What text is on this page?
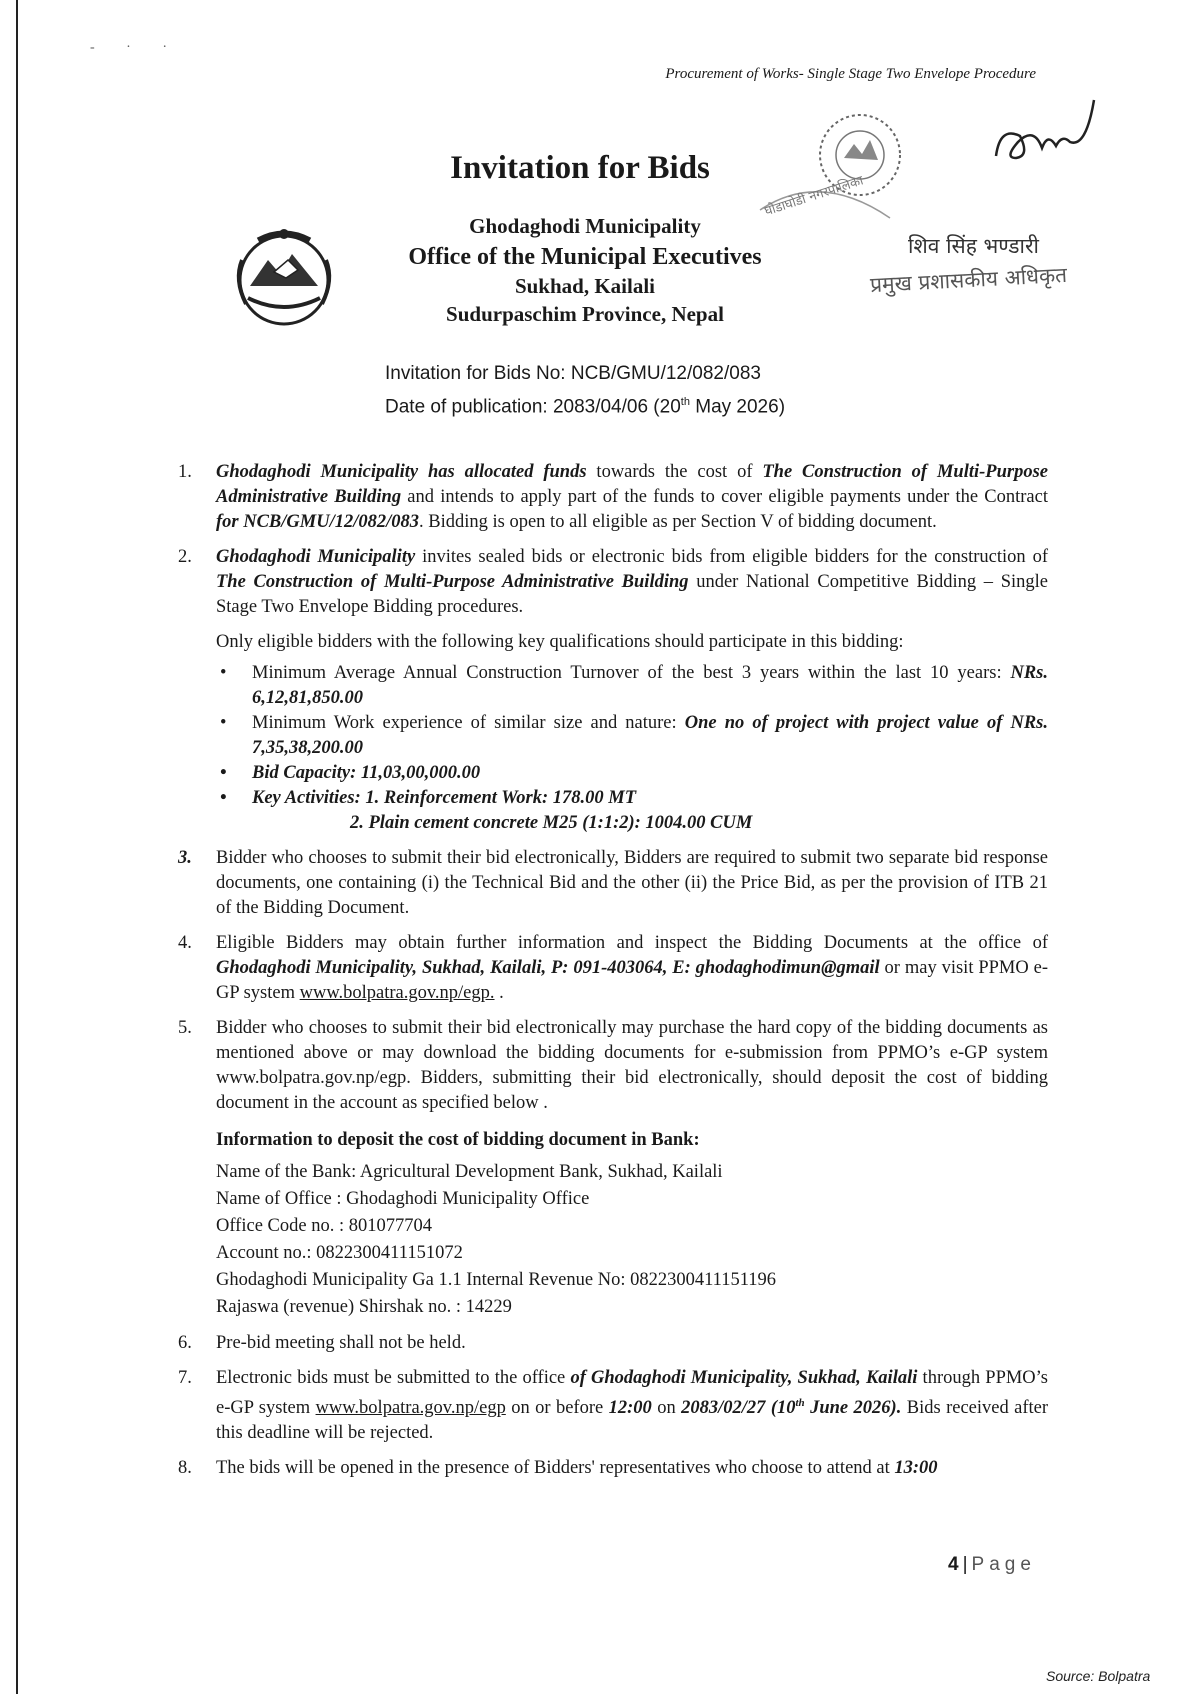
- · ·
Procurement of Works- Single Stage Two Envelope Procedure
Invitation for Bids
Ghodaghodi Municipality
Office of the Municipal Executives
Sukhad, Kailali
Sudurpaschim Province, Nepal
घोडाघोडी नगरपालिका
शिव सिंह भण्डारी
प्रमुख प्रशासकीय अधिकृत
Invitation for Bids No: NCB/GMU/12/082/083
Date of publication: 2083/04/06 (20th May 2026)
1.	Ghodaghodi Municipality has allocated funds towards the cost of The Construction of Multi-Purpose Administrative Building and intends to apply part of the funds to cover eligible payments under the Contract for NCB/GMU/12/082/083. Bidding is open to all eligible as per Section V of bidding document.

2.	Ghodaghodi Municipality invites sealed bids or electronic bids from eligible bidders for the construction of The Construction of Multi-Purpose Administrative Building under National Competitive Bidding – Single Stage Two Envelope Bidding procedures.

Only eligible bidders with the following key qualifications should participate in this bidding:

• Minimum Average Annual Construction Turnover of the best 3 years within the last 10 years: NRs. 6,12,81,850.00
• Minimum Work experience of similar size and nature: One no of project with project value of NRs. 7,35,38,200.00
• Bid Capacity: 11,03,00,000.00
• Key Activities: 1. Reinforcement Work: 178.00 MT
2. Plain cement concrete M25 (1:1:2): 1004.00 CUM
3.	Bidder who chooses to submit their bid electronically, Bidders are required to submit two separate bid response documents, one containing (i) the Technical Bid and the other (ii) the Price Bid, as per the provision of ITB 21 of the Bidding Document.

4.	Eligible Bidders may obtain further information and inspect the Bidding Documents at the office of Ghodaghodi Municipality, Sukhad, Kailali, P: 091-403064, E: ghodaghodimun@gmail or may visit PPMO e-GP system www.bolpatra.gov.np/egp. .

5.	Bidder who chooses to submit their bid electronically may purchase the hard copy of the bidding documents as mentioned above or may download the bidding documents for e-submission from PPMO’s e-GP system www.bolpatra.gov.np/egp. Bidders, submitting their bid electronically, should deposit the cost of bidding document in the account as specified below .

Information to deposit the cost of bidding document in Bank:

Name of the Bank: Agricultural Development Bank, Sukhad, Kailali

Name of Office : Ghodaghodi Municipality Office

Office Code no. : 801077704

Account no.: 0822300411151072

Ghodaghodi Municipality Ga 1.1 Internal Revenue No: 0822300411151196

Rajaswa (revenue) Shirshak no. : 14229

6.	Pre-bid meeting shall not be held.

7.	Electronic bids must be submitted to the office of Ghodaghodi Municipality, Sukhad, Kailali through PPMO’s e-GP system www.bolpatra.gov.np/egp on or before 12:00 on 2083/02/27 (10th June 2026). Bids received after this deadline will be rejected.

8.	The bids will be opened in the presence of Bidders' representatives who choose to attend at 13:00

4 | Page
Source: Bolpatra
